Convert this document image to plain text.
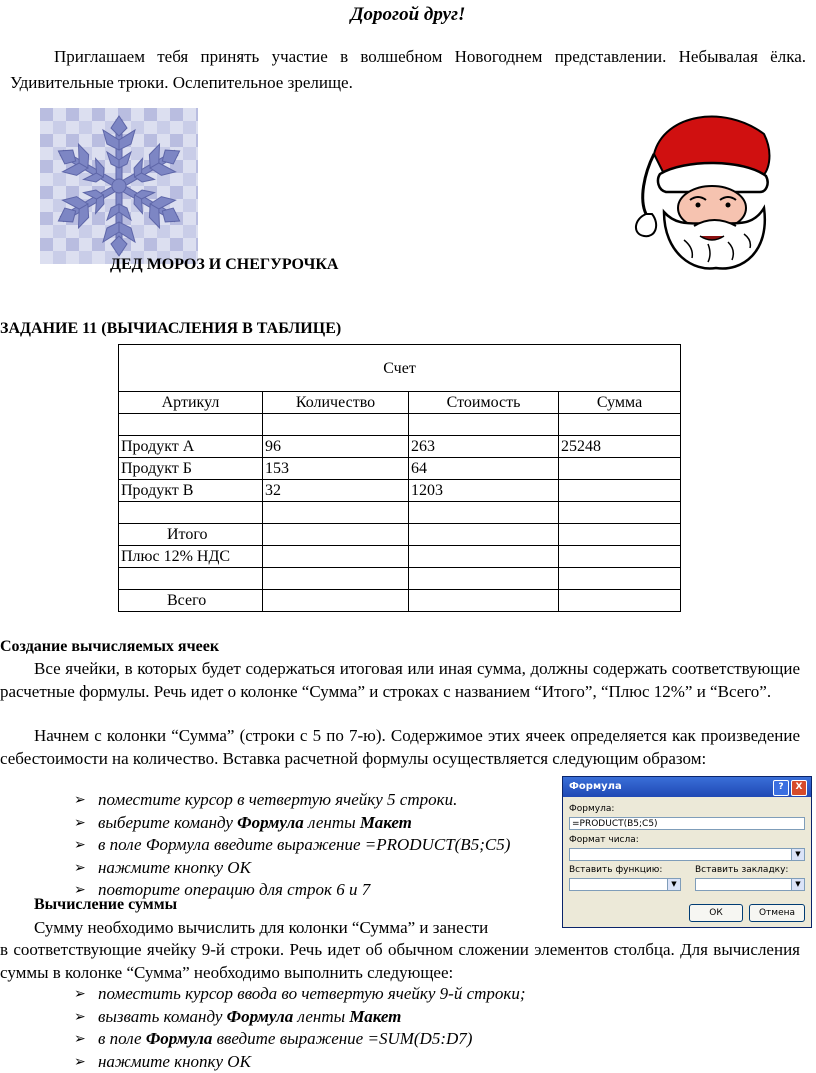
Дорогой друг!
Приглашаем тебя принять участие в волшебном Новогоднем представлении. Небывалая ёлка. Удивительные трюки. Ослепительное зрелище.
ДЕД МОРОЗ И СНЕГУРОЧКА
ЗАДАНИЕ 11 (ВЫЧИАСЛЕНИЯ В ТАБЛИЦЕ)
Счет			
Артикул	Количество	Стоимость	Сумма

Продукт А	96	263	25248
Продукт Б	153	64	
Продукт В	32	1203	

Итого			
Плюс 12% НДС			

Всего			
Создание вычисляемых ячеек
Все ячейки, в которых будет содержаться итоговая или иная сумма, должны содержать соответствующие расчетные формулы. Речь идет о колонке “Сумма” и строках с названием “Итого”, “Плюс 12%” и “Всего”.
Начнем с колонки “Сумма” (строки с 5 по 7-ю). Содержимое этих ячеек определяется как произведение себестоимости на количество. Вставка расчетной формулы осуществляется следующим образом:
➢ поместите курсор в четвертую ячейку 5 строки.
➢ выберите команду Формула ленты Макет
➢ в поле Формула введите выражение =PRODUCT(B5;C5)
➢ нажмите кнопку ОК
➢ повторите операцию для строк 6 и 7
Вычисление суммы
Сумму необходимо вычислить для колонки “Сумма” и занести
в соответствующие ячейку 9-й строки. Речь идет об обычном сложении элементов столбца. Для вычисления суммы в колонке “Сумма” необходимо выполнить следующее:
➢ поместить курсор ввода во четвертую ячейку 9-й строки;
➢ вызвать команду Формула ленты Макет
➢ в поле Формула введите выражение =SUM(D5:D7)
➢ нажмите кнопку ОК
Формула	?	X
Формула:
=PRODUCT(B5;C5)
Формат числа:
▼
Вставить функцию:	Вставить закладку:
▼	▼
ОК	Отмена
